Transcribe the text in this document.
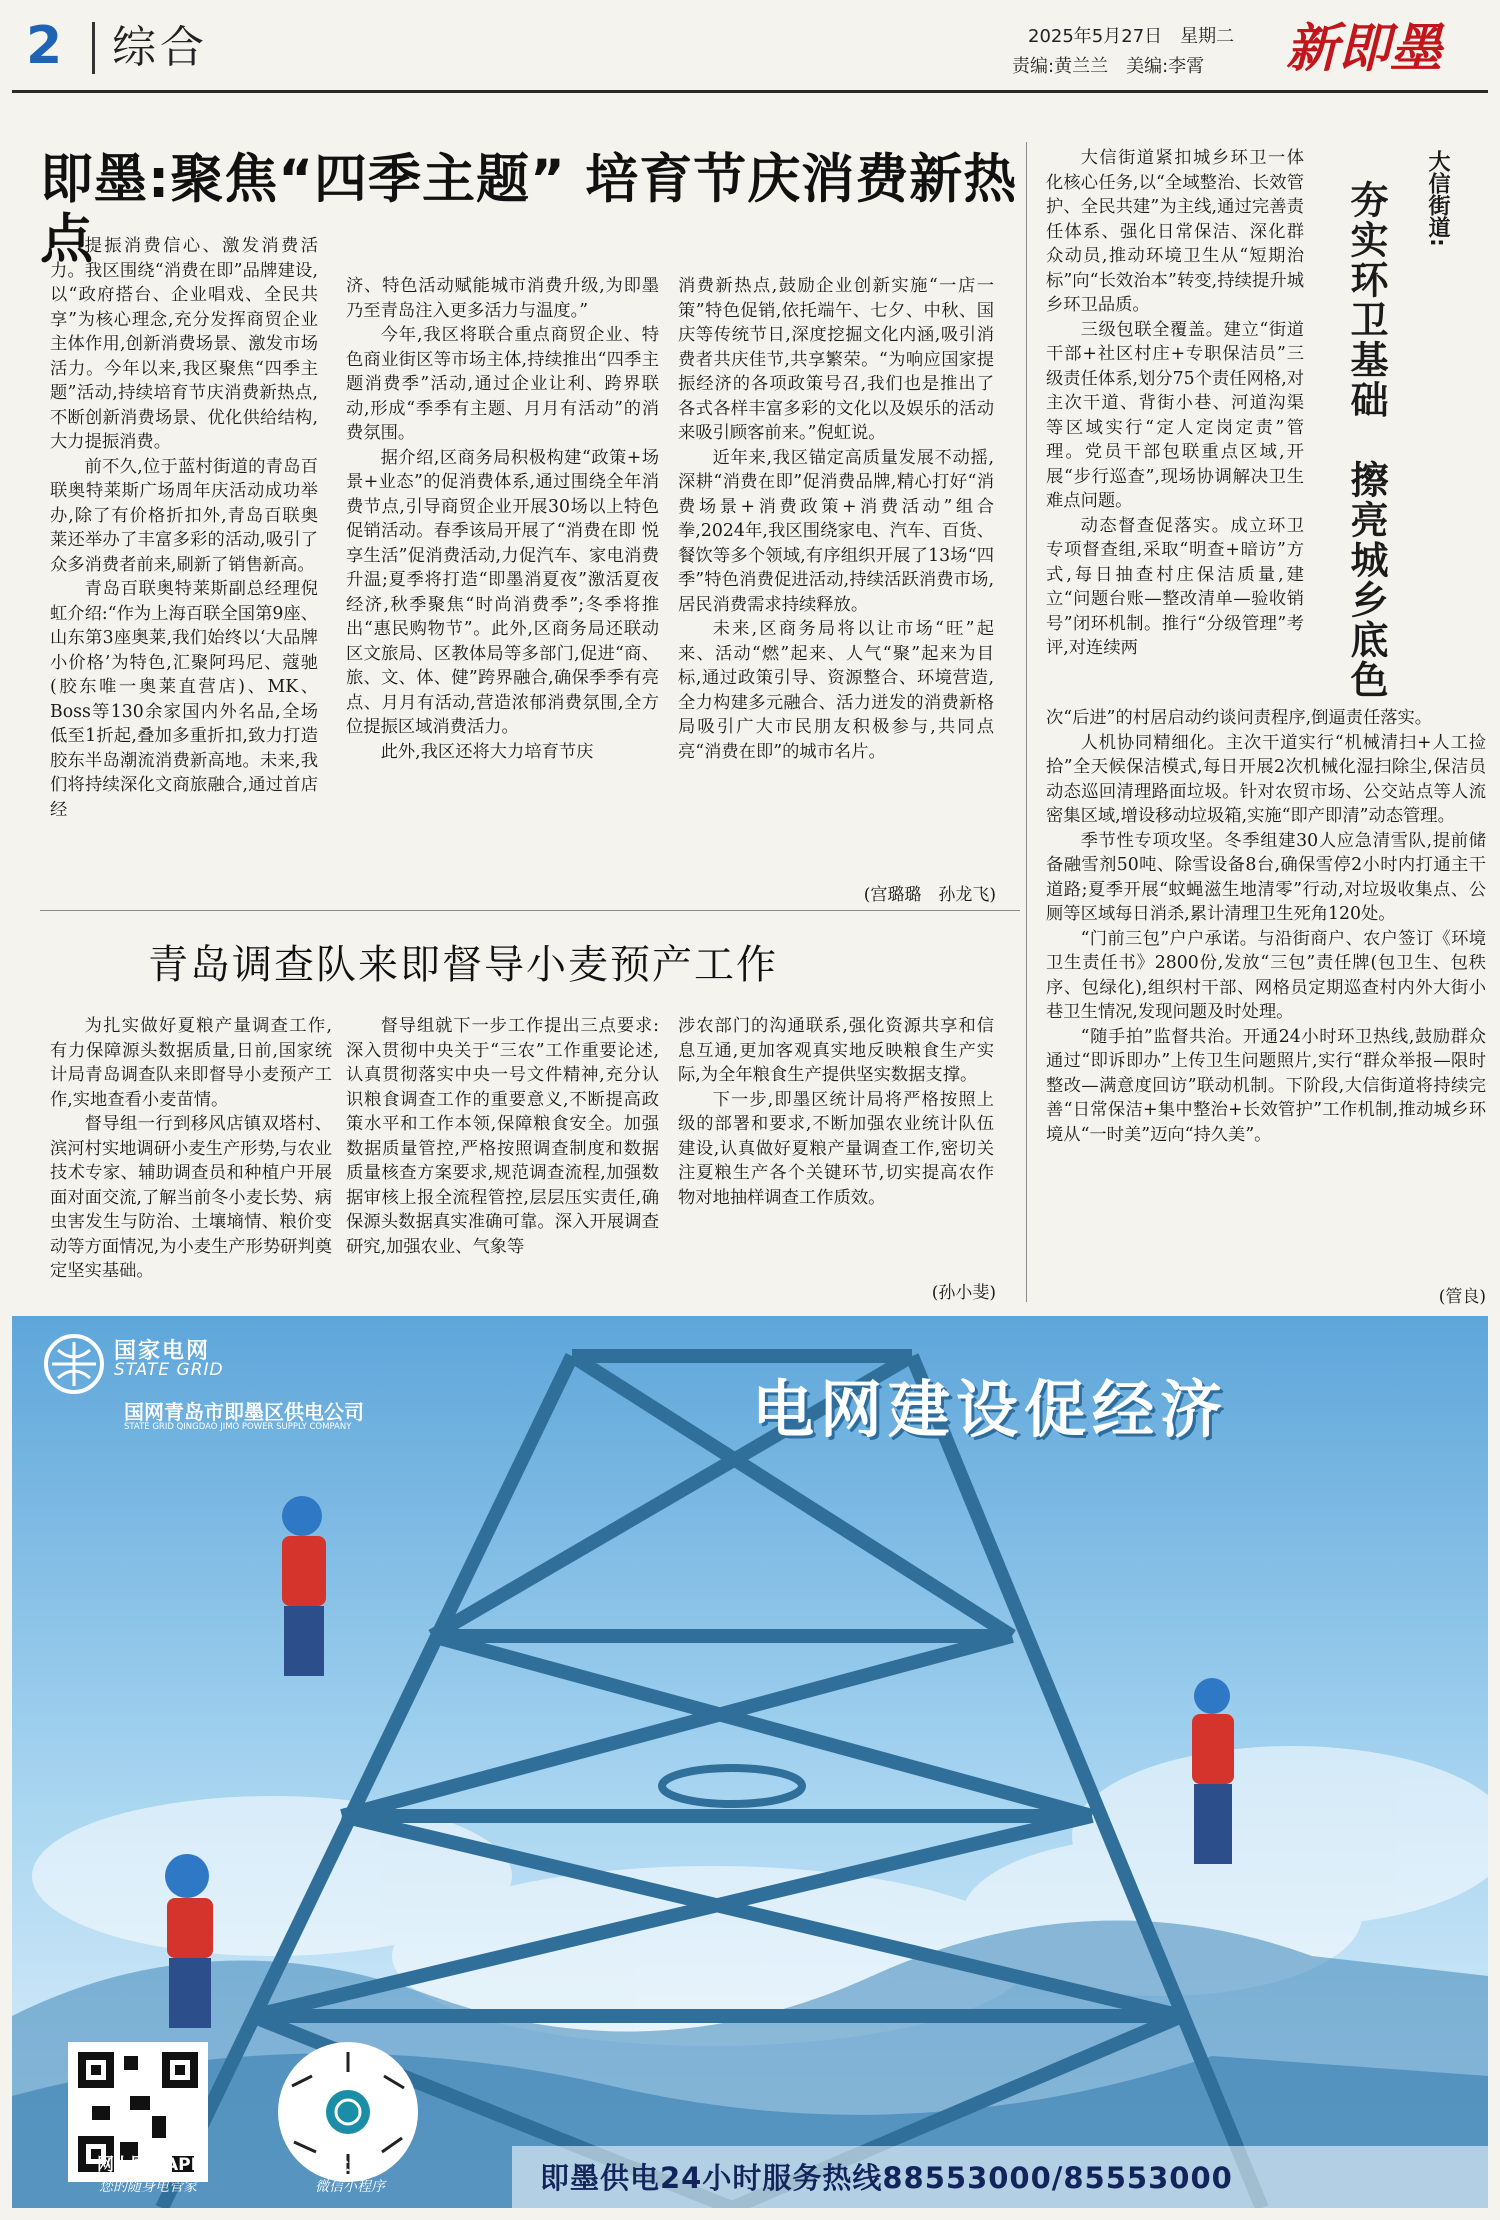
2 综合	2025年5月27日　星期二
责编:黄兰兰　美编:李霄 新即墨
即墨:聚焦“四季主题” 培育节庆消费新热点

提振消费信心、激发消费活力。我区围绕“消费在即”品牌建设,以“政府搭台、企业唱戏、全民共享”为核心理念,充分发挥商贸企业主体作用,创新消费场景、激发市场活力。今年以来,我区聚焦“四季主题”活动,持续培育节庆消费新热点,不断创新消费场景、优化供给结构,大力提振消费。

前不久,位于蓝村街道的青岛百联奥特莱斯广场周年庆活动成功举办,除了有价格折扣外,青岛百联奥莱还举办了丰富多彩的活动,吸引了众多消费者前来,刷新了销售新高。

青岛百联奥特莱斯副总经理倪虹介绍:“作为上海百联全国第9座、山东第3座奥莱,我们始终以‘大品牌小价格’为特色,汇聚阿玛尼、蔻驰(胶东唯一奥莱直营店)、MK、Boss等130余家国内外名品,全场低至1折起,叠加多重折扣,致力打造胶东半岛潮流消费新高地。未来,我们将持续深化文商旅融合,通过首店经

济、特色活动赋能城市消费升级,为即墨乃至青岛注入更多活力与温度。”

今年,我区将联合重点商贸企业、特色商业街区等市场主体,持续推出“四季主题消费季”活动,通过企业让利、跨界联动,形成“季季有主题、月月有活动”的消费氛围。

据介绍,区商务局积极构建“政策+场景+业态”的促消费体系,通过围绕全年消费节点,引导商贸企业开展30场以上特色促销活动。春季该局开展了“消费在即 悦享生活”促消费活动,力促汽车、家电消费升温;夏季将打造“即墨消夏夜”激活夏夜经济,秋季聚焦“时尚消费季”;冬季将推出“惠民购物节”。此外,区商务局还联动区文旅局、区教体局等多部门,促进“商、旅、文、体、健”跨界融合,确保季季有亮点、月月有活动,营造浓郁消费氛围,全方位提振区域消费活力。

此外,我区还将大力培育节庆

消费新热点,鼓励企业创新实施“一店一策”特色促销,依托端午、七夕、中秋、国庆等传统节日,深度挖掘文化内涵,吸引消费者共庆佳节,共享繁荣。“为响应国家提振经济的各项政策号召,我们也是推出了各式各样丰富多彩的文化以及娱乐的活动来吸引顾客前来。”倪虹说。

近年来,我区锚定高质量发展不动摇,深耕“消费在即”促消费品牌,精心打好“消费场景+消费政策+消费活动”组合拳,2024年,我区围绕家电、汽车、百货、餐饮等多个领域,有序组织开展了13场“四季”特色消费促进活动,持续活跃消费市场,居民消费需求持续释放。

未来,区商务局将以让市场“旺”起来、活动“燃”起来、人气“聚”起来为目标,通过政策引导、资源整合、环境营造,全力构建多元融合、活力迸发的消费新格局吸引广大市民朋友积极参与,共同点亮“消费在即”的城市名片。

(宫璐璐　孙龙飞)
青岛调查队来即督导小麦预产工作

为扎实做好夏粮产量调查工作,有力保障源头数据质量,日前,国家统计局青岛调查队来即督导小麦预产工作,实地查看小麦苗情。

督导组一行到移风店镇双塔村、滨河村实地调研小麦生产形势,与农业技术专家、辅助调查员和种植户开展面对面交流,了解当前冬小麦长势、病虫害发生与防治、土壤墒情、粮价变动等方面情况,为小麦生产形势研判奠定坚实基础。

督导组就下一步工作提出三点要求:深入贯彻中央关于“三农”工作重要论述,认真贯彻落实中央一号文件精神,充分认识粮食调查工作的重要意义,不断提高政策水平和工作本领,保障粮食安全。加强数据质量管控,严格按照调查制度和数据质量核查方案要求,规范调查流程,加强数据审核上报全流程管控,层层压实责任,确保源头数据真实准确可靠。深入开展调查研究,加强农业、气象等

涉农部门的沟通联系,强化资源共享和信息互通,更加客观真实地反映粮食生产实际,为全年粮食生产提供坚实数据支撑。

下一步,即墨区统计局将严格按照上级的部署和要求,不断加强农业统计队伍建设,认真做好夏粮产量调查工作,密切关注夏粮生产各个关键环节,切实提高农作物对地抽样调查工作质效。

(孙小斐)
大信街道:
夯实环卫基础　擦亮城乡底色

大信街道紧扣城乡环卫一体化核心任务,以“全域整治、长效管护、全民共建”为主线,通过完善责任体系、强化日常保洁、深化群众动员,推动环境卫生从“短期治标”向“长效治本”转变,持续提升城乡环卫品质。

三级包联全覆盖。建立“街道干部+社区村庄+专职保洁员”三级责任体系,划分75个责任网格,对主次干道、背街小巷、河道沟渠等区域实行“定人定岗定责”管理。党员干部包联重点区域,开展“步行巡查”,现场协调解决卫生难点问题。

动态督查促落实。成立环卫专项督查组,采取“明查+暗访”方式,每日抽查村庄保洁质量,建立“问题台账—整改清单—验收销号”闭环机制。推行“分级管理”考评,对连续两

次“后进”的村居启动约谈问责程序,倒逼责任落实。

人机协同精细化。主次干道实行“机械清扫+人工捡拾”全天候保洁模式,每日开展2次机械化湿扫除尘,保洁员动态巡回清理路面垃圾。针对农贸市场、公交站点等人流密集区域,增设移动垃圾箱,实施“即产即清”动态管理。

季节性专项攻坚。冬季组建30人应急清雪队,提前储备融雪剂50吨、除雪设备8台,确保雪停2小时内打通主干道路;夏季开展“蚊蝇滋生地清零”行动,对垃圾收集点、公厕等区域每日消杀,累计清理卫生死角120处。

“门前三包”户户承诺。与沿街商户、农户签订《环境卫生责任书》2800份,发放“三包”责任牌(包卫生、包秩序、包绿化),组织村干部、网格员定期巡查村内外大街小巷卫生情况,发现问题及时处理。

“随手拍”监督共治。开通24小时环卫热线,鼓励群众通过“即诉即办”上传卫生问题照片,实行“群众举报—限时整改—满意度回访”联动机制。下阶段,大信街道将持续完善“日常保洁+集中整治+长效管护”工作机制,推动城乡环境从“一时美”迈向“持久美”。

(管良)
国家电网
STATE GRID
国网青岛市即墨区供电公司
STATE GRID QINGDAO JIMO POWER SUPPLY COMPANY	电网建设促经济
网上国网APP	网上国网	即墨供电24小时服务热线88553000/85553000
您的随身电管家	微信小程序
